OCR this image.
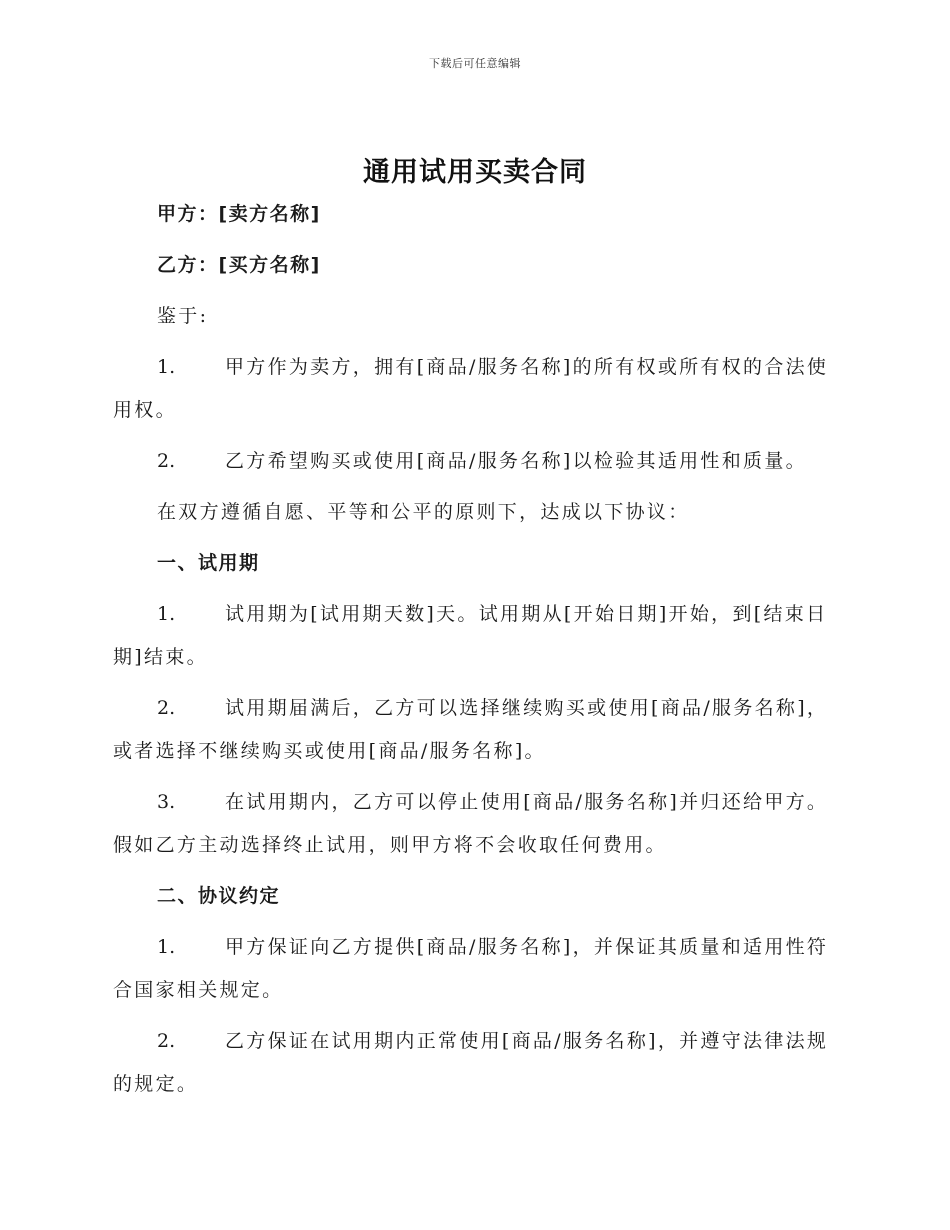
下载后可任意编辑
通用试用买卖合同

甲方：[卖方名称]

乙方：[买方名称]

鉴于:

1.	甲方作为卖方，拥有[商品/服务名称]的所有权或所有权的合法使用权。

2.	乙方希望购买或使用[商品/服务名称]以检验其适用性和质量。

在双方遵循自愿、平等和公平的原则下，达成以下协议：

一、试用期

1.	试用期为[试用期天数]天。试用期从[开始日期]开始，到[结束日期]结束。

2.	试用期届满后，乙方可以选择继续购买或使用[商品/服务名称]，或者选择不继续购买或使用[商品/服务名称]。

3.	在试用期内，乙方可以停止使用[商品/服务名称]并归还给甲方。假如乙方主动选择终止试用，则甲方将不会收取任何费用。

二、协议约定

1.	甲方保证向乙方提供[商品/服务名称]，并保证其质量和适用性符合国家相关规定。

2.	乙方保证在试用期内正常使用[商品/服务名称]，并遵守法律法规的规定。
